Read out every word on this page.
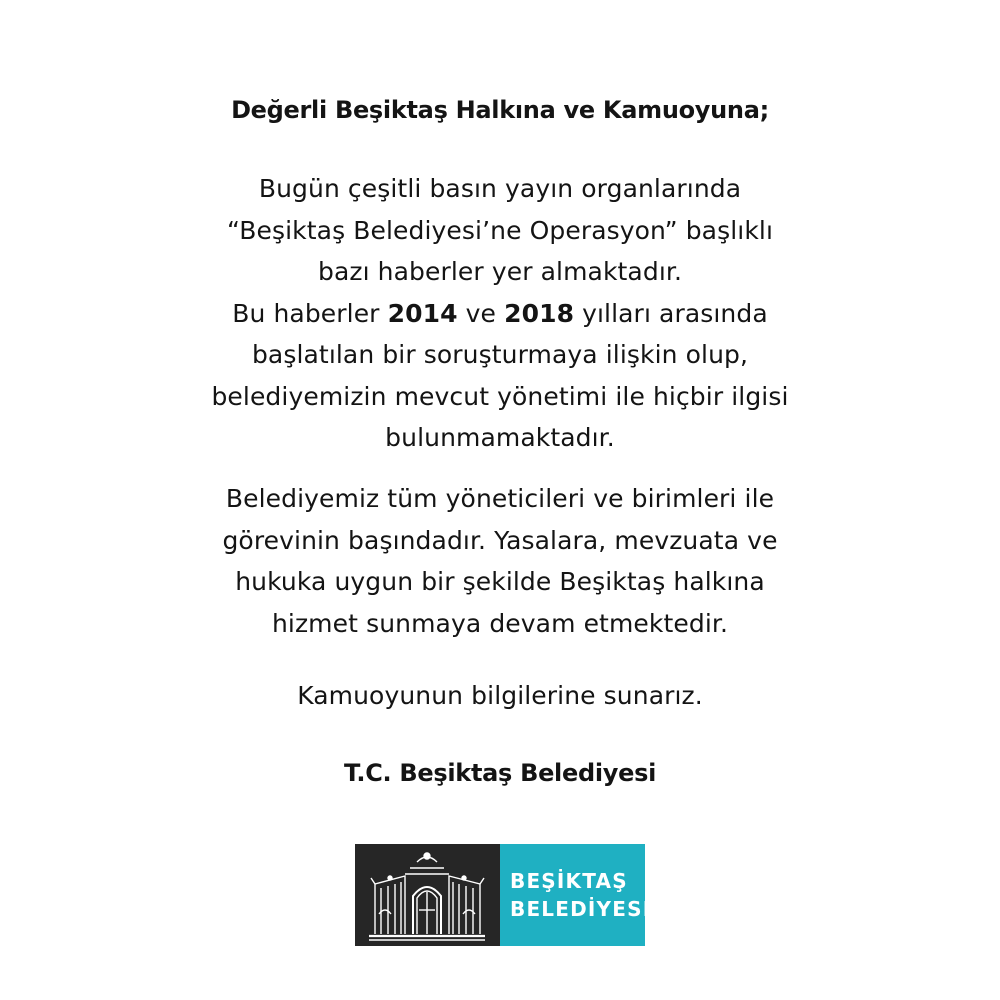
Değerli Beşiktaş Halkına ve Kamuoyuna;

Bugün çeşitli basın yayın organlarında
“Beşiktaş Belediyesi’ne Operasyon” başlıklı
bazı haberler yer almaktadır.
Bu haberler 2014 ve 2018 yılları arasında
başlatılan bir soruşturmaya ilişkin olup,
belediyemizin mevcut yönetimi ile hiçbir ilgisi
bulunmamaktadır.

Belediyemiz tüm yöneticileri ve birimleri ile
görevinin başındadır. Yasalara, mevzuata ve
hukuka uygun bir şekilde Beşiktaş halkına
hizmet sunmaya devam etmektedir.

Kamuoyunun bilgilerine sunarız.

T.C. Beşiktaş Belediyesi
BEŞİKTAŞ
BELEDİYESİ
